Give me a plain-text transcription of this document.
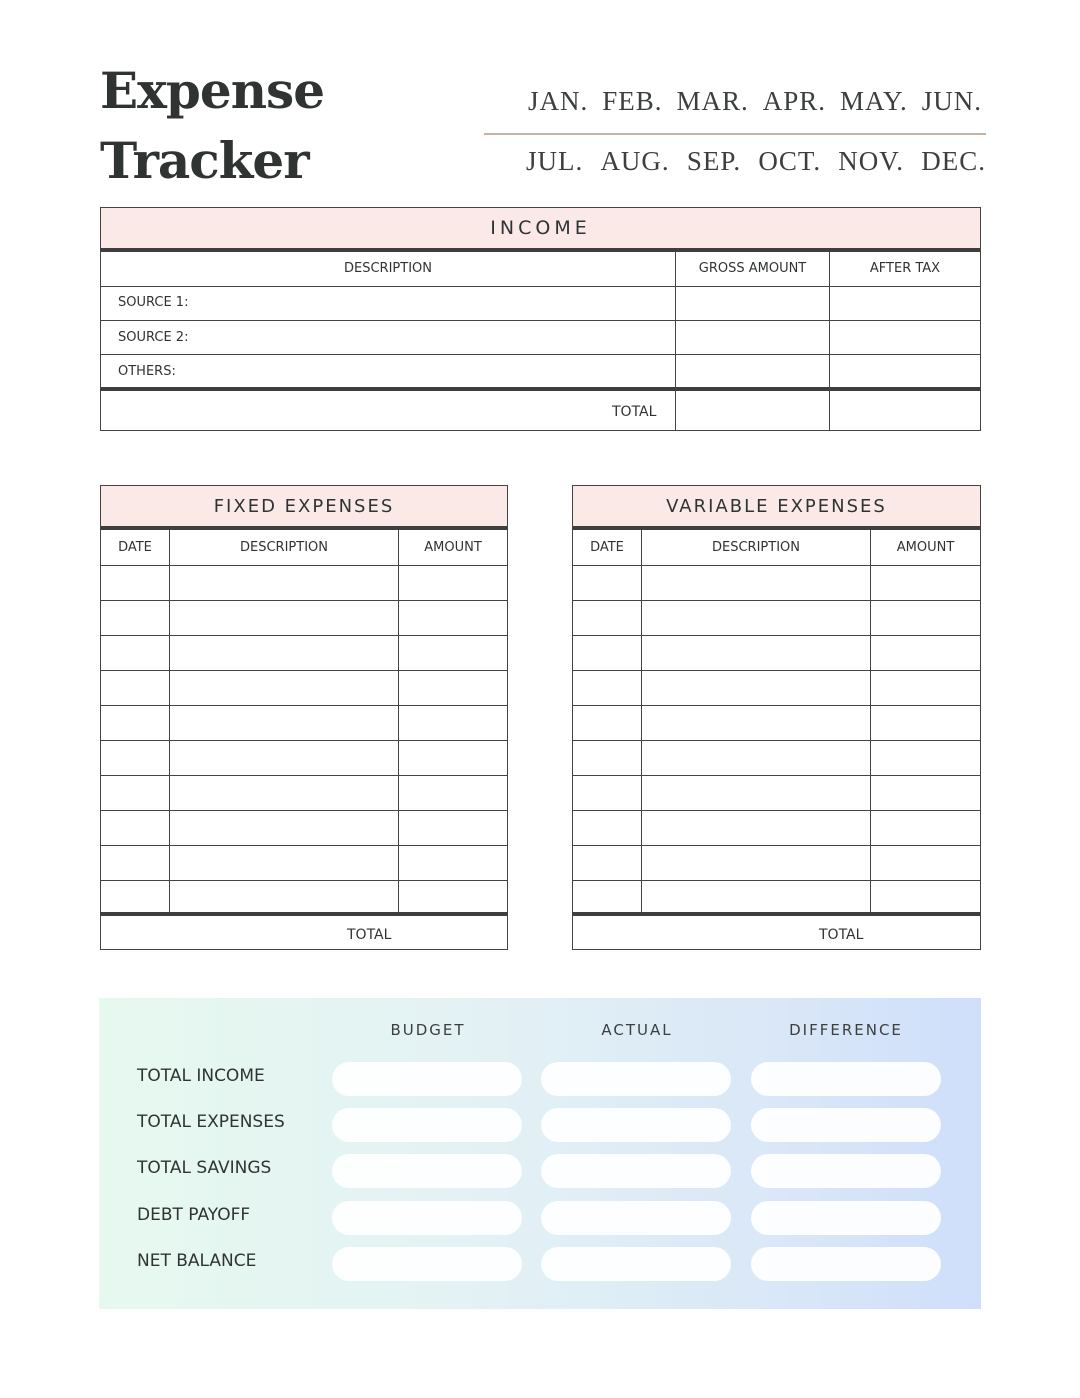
Expense
Tracker
JAN. FEB. MAR. APR. MAY. JUN.
JUL. AUG. SEP. OCT. NOV. DEC.
INCOME
DESCRIPTION	GROSS AMOUNT	AFTER TAX
SOURCE 1:
SOURCE 2:
OTHERS:
TOTAL
FIXED EXPENSES
DATE	DESCRIPTION	AMOUNT
TOTAL
VARIABLE EXPENSES
DATE	DESCRIPTION	AMOUNT
TOTAL
BUDGET	ACTUAL	DIFFERENCE
TOTAL INCOME
TOTAL EXPENSES
TOTAL SAVINGS
DEBT PAYOFF
NET BALANCE
